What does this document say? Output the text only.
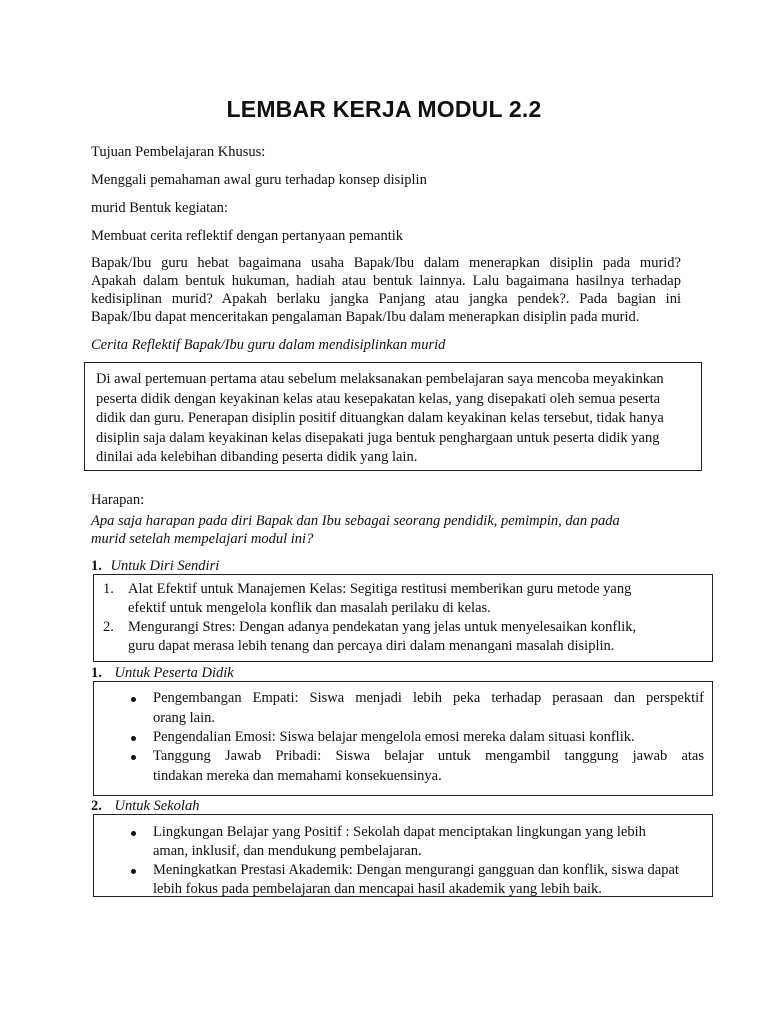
LEMBAR KERJA MODUL 2.2
Tujuan Pembelajaran Khusus:
Menggali pemahaman awal guru terhadap konsep disiplin
murid Bentuk kegiatan:
Membuat cerita reflektif dengan pertanyaan pemantik
Bapak/Ibu guru hebat bagaimana usaha Bapak/Ibu dalam menerapkan disiplin pada murid?
Apakah dalam bentuk hukuman, hadiah atau bentuk lainnya. Lalu bagaimana hasilnya terhadap
kedisiplinan murid? Apakah berlaku jangka Panjang atau jangka pendek?. Pada bagian ini
Bapak/Ibu dapat menceritakan pengalaman Bapak/Ibu dalam menerapkan disiplin pada murid.
Cerita Reflektif Bapak/Ibu guru dalam mendisiplinkan murid
Di awal pertemuan pertama atau sebelum melaksanakan pembelajaran saya mencoba meyakinkan
peserta didik dengan keyakinan kelas atau kesepakatan kelas, yang disepakati oleh semua peserta
didik dan guru. Penerapan disiplin positif dituangkan dalam keyakinan kelas tersebut, tidak hanya
disiplin saja dalam keyakinan kelas disepakati juga bentuk penghargaan untuk peserta didik yang
dinilai ada kelebihan dibanding peserta didik yang lain.
Harapan:
Apa saja harapan pada diri Bapak dan Ibu sebagai seorang pendidik, pemimpin, dan pada
murid setelah mempelajari modul ini?
1. Untuk Diri Sendiri
1. Alat Efektif untuk Manajemen Kelas: Segitiga restitusi memberikan guru metode yang
efektif untuk mengelola konflik dan masalah perilaku di kelas.
2. Mengurangi Stres: Dengan adanya pendekatan yang jelas untuk menyelesaikan konflik,
guru dapat merasa lebih tenang dan percaya diri dalam menangani masalah disiplin.
1. Untuk Peserta Didik
Pengembangan Empati: Siswa menjadi lebih peka terhadap perasaan dan perspektif
orang lain.
Pengendalian Emosi: Siswa belajar mengelola emosi mereka dalam situasi konflik.
Tanggung Jawab Pribadi: Siswa belajar untuk mengambil tanggung jawab atas
tindakan mereka dan memahami konsekuensinya.
2. Untuk Sekolah
Lingkungan Belajar yang Positif : Sekolah dapat menciptakan lingkungan yang lebih
aman, inklusif, dan mendukung pembelajaran.
Meningkatkan Prestasi Akademik: Dengan mengurangi gangguan dan konflik, siswa dapat
lebih fokus pada pembelajaran dan mencapai hasil akademik yang lebih baik.
